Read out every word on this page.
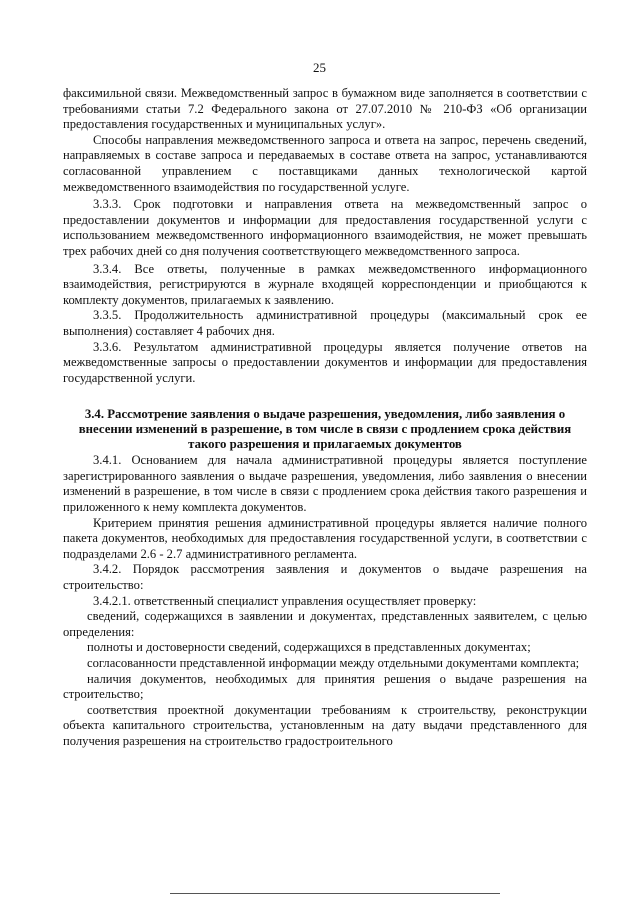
25

факсимильной связи. Межведомственный запрос в бумажном виде заполняется в соответствии с требованиями статьи 7.2 Федерального закона от 27.07.2010 № 210-ФЗ «Об организации предоставления государственных и муниципальных услуг».

Способы направления межведомственного запроса и ответа на запрос, перечень сведений, направляемых в составе запроса и передаваемых в составе ответа на запрос, устанавливаются согласованной управлением с поставщиками данных технологической картой межведомственного взаимодействия по государственной услуге.

3.3.3. Срок подготовки и направления ответа на межведомственный запрос о предоставлении документов и информации для предоставления государственной услуги с использованием межведомственного информационного взаимодействия, не может превышать трех рабочих дней со дня получения соответствующего межведомственного запроса.

3.3.4. Все ответы, полученные в рамках межведомственного информационного взаимодействия, регистрируются в журнале входящей корреспонденции и приобщаются к комплекту документов, прилагаемых к заявлению.

3.3.5. Продолжительность административной процедуры (максимальный срок ее выполнения) составляет 4 рабочих дня.

3.3.6. Результатом административной процедуры является получение ответов на межведомственные запросы о предоставлении документов и информации для предоставления государственной услуги.

3.4. Рассмотрение заявления о выдаче разрешения, уведомления, либо заявления о внесении изменений в разрешение, в том числе в связи с продлением срока действия такого разрешения и прилагаемых документов

3.4.1. Основанием для начала административной процедуры является поступление зарегистрированного заявления о выдаче разрешения, уведомления, либо заявления о внесении изменений в разрешение, в том числе в связи с продлением срока действия такого разрешения и приложенного к нему комплекта документов.

Критерием принятия решения административной процедуры является наличие полного пакета документов, необходимых для предоставления государственной услуги, в соответствии с подразделами 2.6 - 2.7 административного регламента.

3.4.2. Порядок рассмотрения заявления и документов о выдаче разрешения на строительство:

3.4.2.1. ответственный специалист управления осуществляет проверку:

сведений, содержащихся в заявлении и документах, представленных заявителем, с целью определения:

полноты и достоверности сведений, содержащихся в представленных документах;

согласованности представленной информации между отдельными документами комплекта;

наличия документов, необходимых для принятия решения о выдаче разрешения на строительство;

соответствия проектной документации требованиям к строительству, реконструкции объекта капитального строительства, установленным на дату выдачи представленного для получения разрешения на строительство градостроительного
